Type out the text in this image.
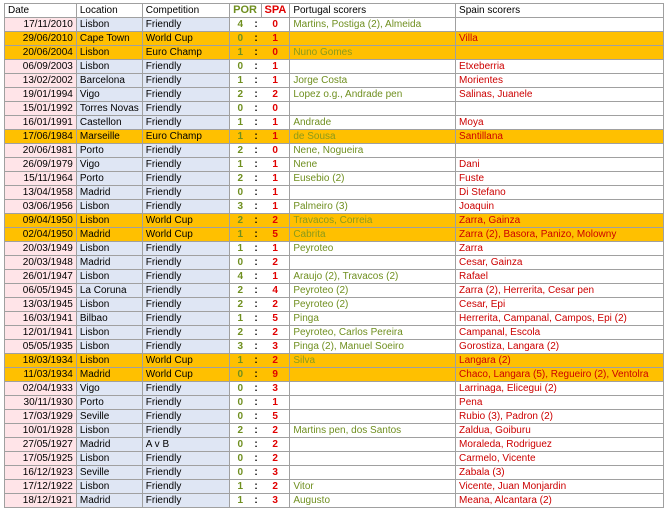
Date	Location	Competition	POR		SPA	Portugal scorers	Spain scorers
17/11/2010	Lisbon	Friendly	4	:	0	Martins, Postiga (2), Almeida	
29/06/2010	Cape Town	World Cup	0	:	1		Villa
20/06/2004	Lisbon	Euro Champ	1	:	0	Nuno Gomes	
06/09/2003	Lisbon	Friendly	0	:	1		Etxeberria
13/02/2002	Barcelona	Friendly	1	:	1	Jorge Costa	Morientes
19/01/1994	Vigo	Friendly	2	:	2	Lopez o.g., Andrade pen	Salinas, Juanele
15/01/1992	Torres Novas	Friendly	0	:	0		
16/01/1991	Castellon	Friendly	1	:	1	Andrade	Moya
17/06/1984	Marseille	Euro Champ	1	:	1	de Sousa	Santillana
20/06/1981	Porto	Friendly	2	:	0	Nene, Nogueira	
26/09/1979	Vigo	Friendly	1	:	1	Nene	Dani
15/11/1964	Porto	Friendly	2	:	1	Eusebio (2)	Fuste
13/04/1958	Madrid	Friendly	0	:	1		Di Stefano
03/06/1956	Lisbon	Friendly	3	:	1	Palmeiro (3)	Joaquin
09/04/1950	Lisbon	World Cup	2	:	2	Travacos, Correia	Zarra, Gainza
02/04/1950	Madrid	World Cup	1	:	5	Cabrita	Zarra (2), Basora, Panizo, Molowny
20/03/1949	Lisbon	Friendly	1	:	1	Peyroteo	Zarra
20/03/1948	Madrid	Friendly	0	:	2		Cesar, Gainza
26/01/1947	Lisbon	Friendly	4	:	1	Araujo (2), Travacos (2)	Rafael
06/05/1945	La Coruna	Friendly	2	:	4	Peyroteo (2)	Zarra (2), Herrerita, Cesar pen
13/03/1945	Lisbon	Friendly	2	:	2	Peyroteo (2)	Cesar, Epi
16/03/1941	Bilbao	Friendly	1	:	5	Pinga	Herrerita, Campanal, Campos, Epi (2)
12/01/1941	Lisbon	Friendly	2	:	2	Peyroteo, Carlos Pereira	Campanal, Escola
05/05/1935	Lisbon	Friendly	3	:	3	Pinga (2), Manuel Soeiro	Gorostiza, Langara (2)
18/03/1934	Lisbon	World Cup	1	:	2	Silva	Langara (2)
11/03/1934	Madrid	World Cup	0	:	9		Chaco, Langara (5), Regueiro (2), Ventolra
02/04/1933	Vigo	Friendly	0	:	3		Larrinaga, Elicegui (2)
30/11/1930	Porto	Friendly	0	:	1		Pena
17/03/1929	Seville	Friendly	0	:	5		Rubio (3), Padron (2)
10/01/1928	Lisbon	Friendly	2	:	2	Martins pen, dos Santos	Zaldua, Goiburu
27/05/1927	Madrid	A v B	0	:	2		Moraleda, Rodriguez
17/05/1925	Lisbon	Friendly	0	:	2		Carmelo, Vicente
16/12/1923	Seville	Friendly	0	:	3		Zabala (3)
17/12/1922	Lisbon	Friendly	1	:	2	Vitor	Vicente, Juan Monjardin
18/12/1921	Madrid	Friendly	1	:	3	Augusto	Meana, Alcantara (2)
